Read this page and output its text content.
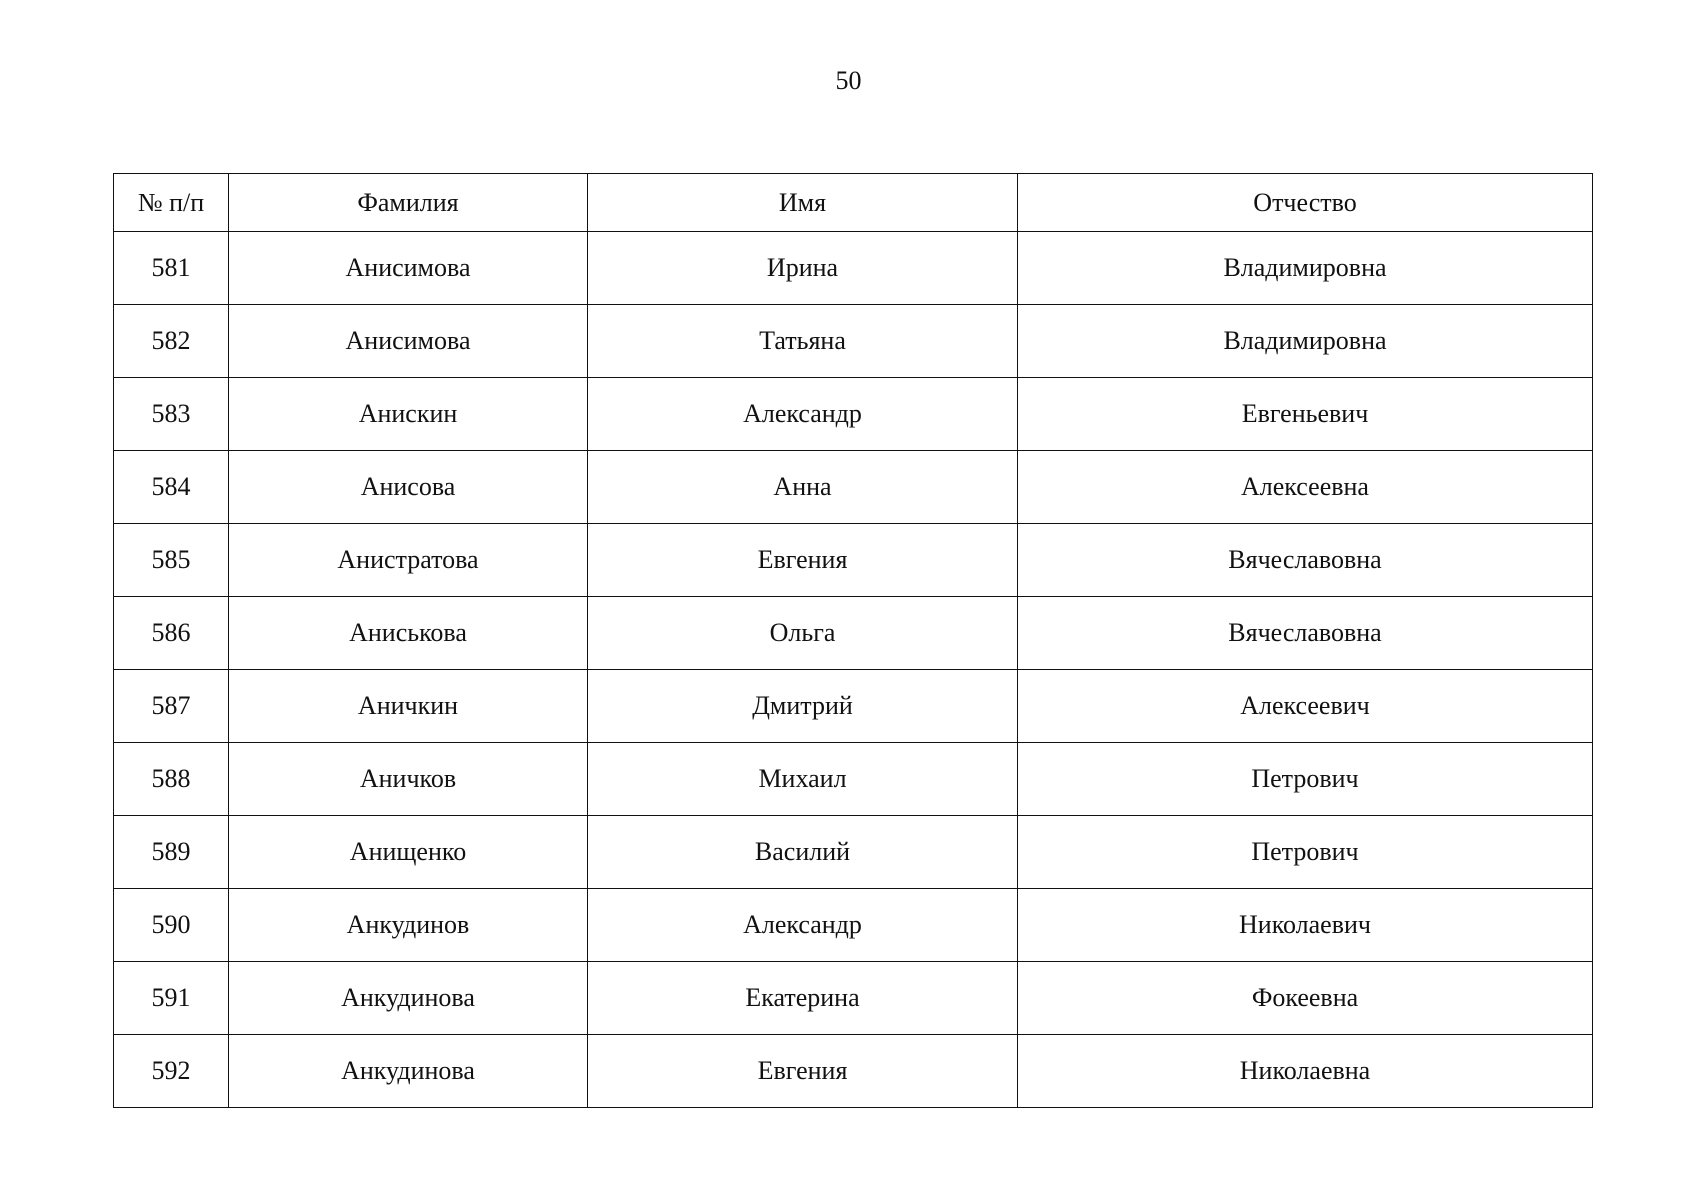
50
№ п/п	Фамилия	Имя	Отчество
581	Анисимова	Ирина	Владимировна
582	Анисимова	Татьяна	Владимировна
583	Анискин	Александр	Евгеньевич
584	Анисова	Анна	Алексеевна
585	Анистратова	Евгения	Вячеславовна
586	Аниськова	Ольга	Вячеславовна
587	Аничкин	Дмитрий	Алексеевич
588	Аничков	Михаил	Петрович
589	Анищенко	Василий	Петрович
590	Анкудинов	Александр	Николаевич
591	Анкудинова	Екатерина	Фокеевна
592	Анкудинова	Евгения	Николаевна
